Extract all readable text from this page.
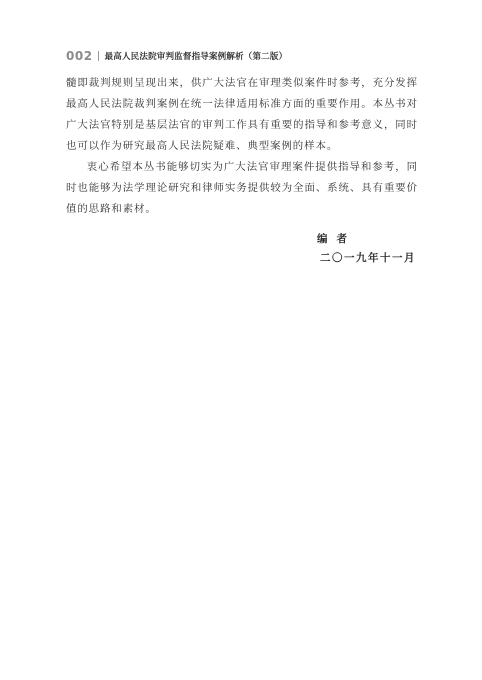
002 最高人民法院审判监督指导案例解析（第二版）

髓即裁判规则呈现出来，供广大法官在审理类似案件时参考，充分发挥最高人民法院裁判案例在统一法律适用标准方面的重要作用。本丛书对广大法官特别是基层法官的审判工作具有重要的指导和参考意义，同时也可以作为研究最高人民法院疑难、典型案例的样本。

衷心希望本丛书能够切实为广大法官审理案件提供指导和参考，同时也能够为法学理论研究和律师实务提供较为全面、系统、具有重要价值的思路和素材。

编者
二〇一九年十一月
